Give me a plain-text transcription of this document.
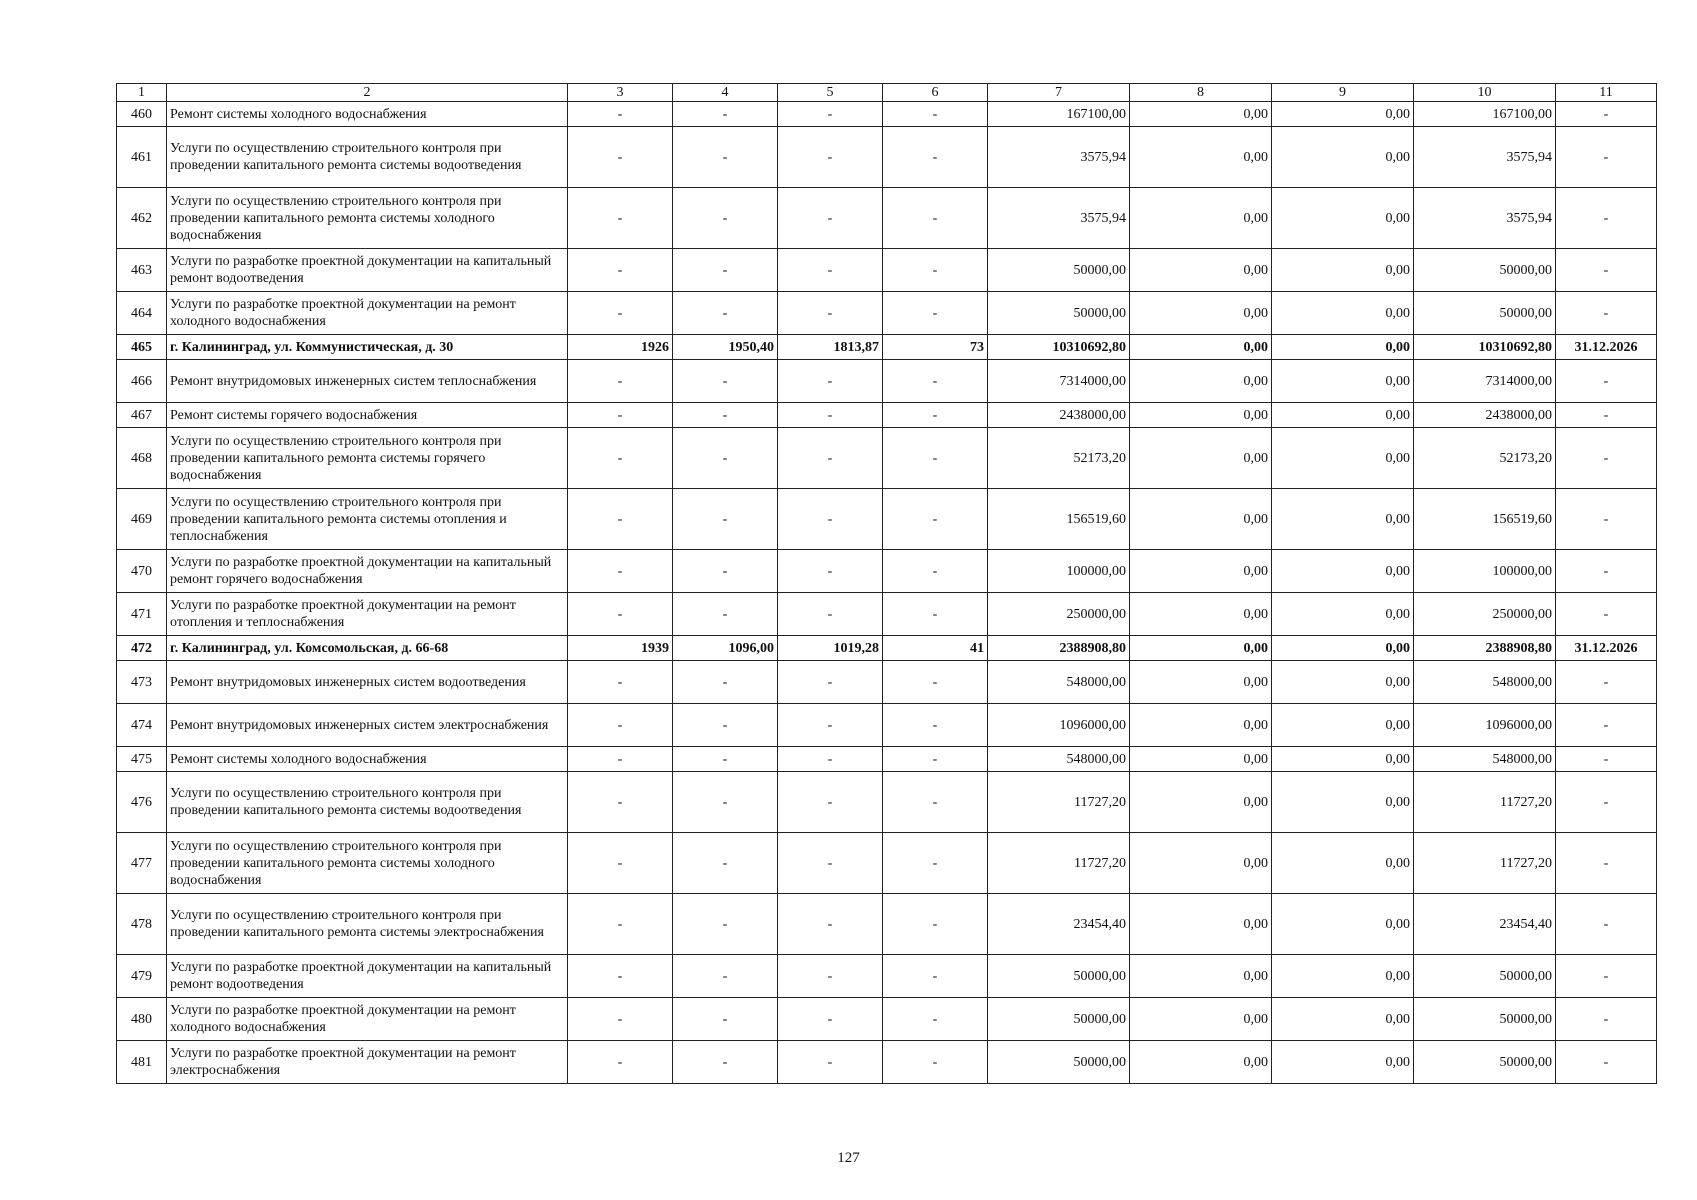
1	2	3	4	5	6	7	8	9	10	11
460	Ремонт системы холодного водоснабжения	-	-	-	-	167100,00	0,00	0,00	167100,00	-
461	Услуги по осуществлению строительного контроля при проведении капитального ремонта системы водоотведения	-	-	-	-	3575,94	0,00	0,00	3575,94	-
462	Услуги по осуществлению строительного контроля при проведении капитального ремонта системы холодного водоснабжения	-	-	-	-	3575,94	0,00	0,00	3575,94	-
463	Услуги по разработке проектной документации на капитальный ремонт водоотведения	-	-	-	-	50000,00	0,00	0,00	50000,00	-
464	Услуги по разработке проектной документации на ремонт холодного водоснабжения	-	-	-	-	50000,00	0,00	0,00	50000,00	-
465	г. Калининград, ул. Коммунистическая, д. 30	1926	1950,40	1813,87	73	10310692,80	0,00	0,00	10310692,80	31.12.2026
466	Ремонт внутридомовых инженерных систем теплоснабжения	-	-	-	-	7314000,00	0,00	0,00	7314000,00	-
467	Ремонт системы горячего водоснабжения	-	-	-	-	2438000,00	0,00	0,00	2438000,00	-
468	Услуги по осуществлению строительного контроля при проведении капитального ремонта системы горячего водоснабжения	-	-	-	-	52173,20	0,00	0,00	52173,20	-
469	Услуги по осуществлению строительного контроля при проведении капитального ремонта системы отопления и теплоснабжения	-	-	-	-	156519,60	0,00	0,00	156519,60	-
470	Услуги по разработке проектной документации на капитальный ремонт горячего водоснабжения	-	-	-	-	100000,00	0,00	0,00	100000,00	-
471	Услуги по разработке проектной документации на ремонт отопления и теплоснабжения	-	-	-	-	250000,00	0,00	0,00	250000,00	-
472	г. Калининград, ул. Комсомольская, д. 66-68	1939	1096,00	1019,28	41	2388908,80	0,00	0,00	2388908,80	31.12.2026
473	Ремонт внутридомовых инженерных систем водоотведения	-	-	-	-	548000,00	0,00	0,00	548000,00	-
474	Ремонт внутридомовых инженерных систем электроснабжения	-	-	-	-	1096000,00	0,00	0,00	1096000,00	-
475	Ремонт системы холодного водоснабжения	-	-	-	-	548000,00	0,00	0,00	548000,00	-
476	Услуги по осуществлению строительного контроля при проведении капитального ремонта системы водоотведения	-	-	-	-	11727,20	0,00	0,00	11727,20	-
477	Услуги по осуществлению строительного контроля при проведении капитального ремонта системы холодного водоснабжения	-	-	-	-	11727,20	0,00	0,00	11727,20	-
478	Услуги по осуществлению строительного контроля при проведении капитального ремонта системы электроснабжения	-	-	-	-	23454,40	0,00	0,00	23454,40	-
479	Услуги по разработке проектной документации на капитальный ремонт водоотведения	-	-	-	-	50000,00	0,00	0,00	50000,00	-
480	Услуги по разработке проектной документации на ремонт холодного водоснабжения	-	-	-	-	50000,00	0,00	0,00	50000,00	-
481	Услуги по разработке проектной документации на ремонт электроснабжения	-	-	-	-	50000,00	0,00	0,00	50000,00	-
127
